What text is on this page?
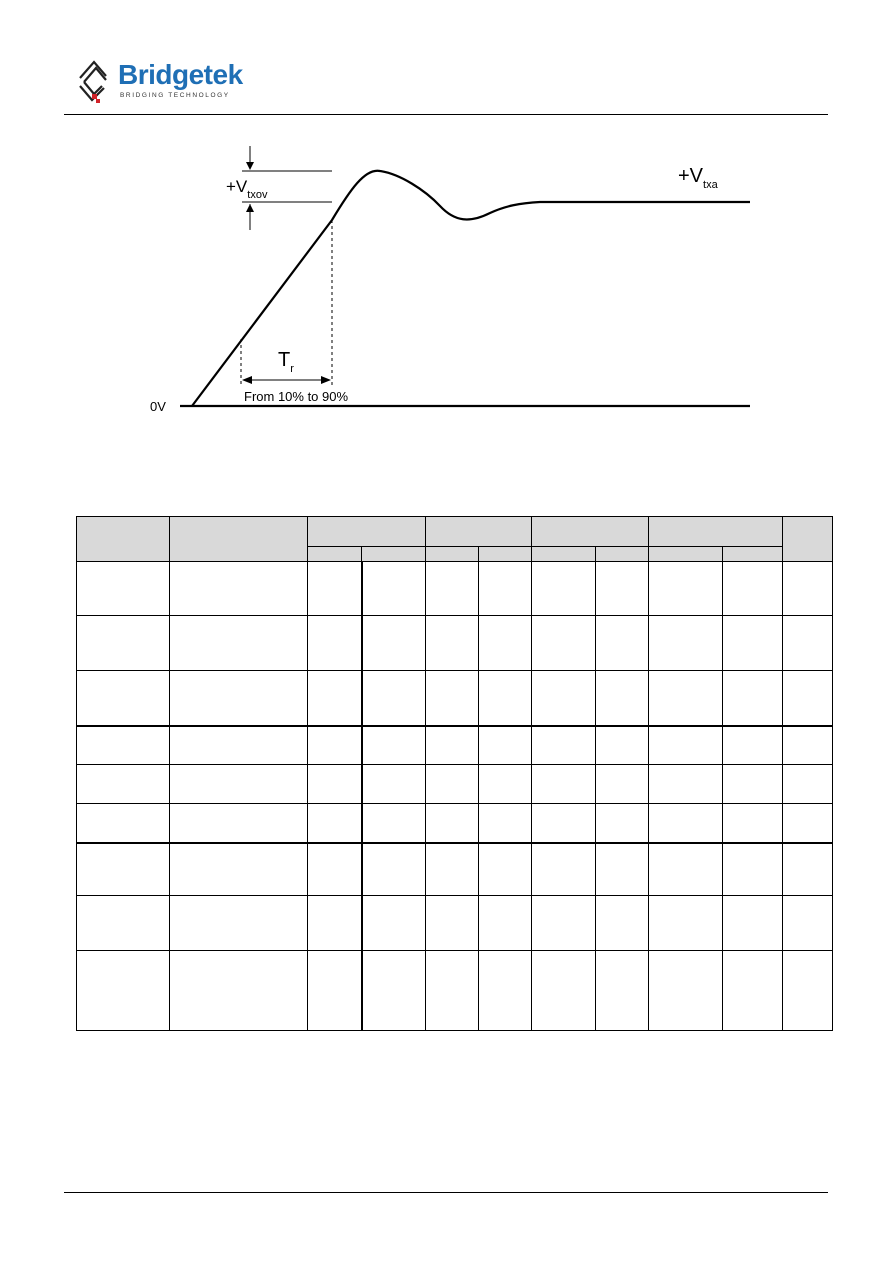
Bridgetek
BRIDGING TECHNOLOGY
$+V_{txov}$
$+V_{txa}$
$T_r$
From 10% to 90%
0V
